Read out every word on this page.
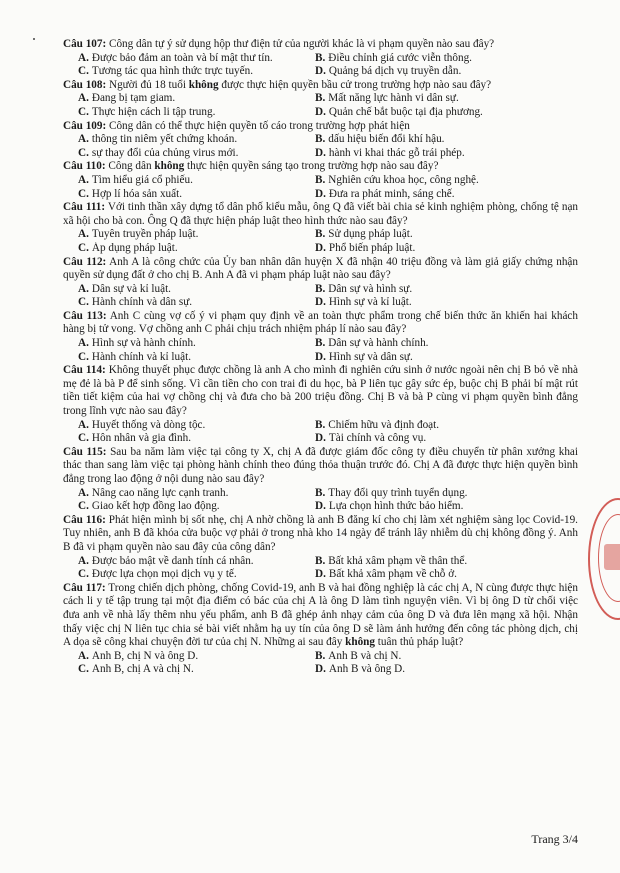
Câu 107: Công dân tự ý sử dụng hộp thư điện tử của người khác là vi phạm quyền nào sau đây?

A. Được bảo đảm an toàn và bí mật thư tín.	B. Điều chỉnh giá cước viễn thông.
C. Tương tác qua hình thức trực tuyến.	D. Quảng bá dịch vụ truyền dẫn.

Câu 108: Người đủ 18 tuổi không được thực hiện quyền bầu cử trong trường hợp nào sau đây?

A. Đang bị tạm giam.	B. Mất năng lực hành vi dân sự.
C. Thực hiện cách li tập trung.	D. Quản chế bắt buộc tại địa phương.

Câu 109: Công dân có thể thực hiện quyền tố cáo trong trường hợp phát hiện

A. thông tin niêm yết chứng khoán.	B. dấu hiệu biến đổi khí hậu.
C. sự thay đổi của chủng virus mới.	D. hành vi khai thác gỗ trái phép.

Câu 110: Công dân không thực hiện quyền sáng tạo trong trường hợp nào sau đây?

A. Tìm hiểu giá cổ phiếu.	B. Nghiên cứu khoa học, công nghệ.
C. Hợp lí hóa sản xuất.	D. Đưa ra phát minh, sáng chế.

Câu 111: Với tinh thần xây dựng tổ dân phố kiểu mẫu, ông Q đã viết bài chia sẻ kinh nghiệm phòng, chống tệ nạn xã hội cho bà con. Ông Q đã thực hiện pháp luật theo hình thức nào sau đây?

A. Tuyên truyền pháp luật.	B. Sử dụng pháp luật.
C. Áp dụng pháp luật.	D. Phổ biến pháp luật.

Câu 112: Anh A là công chức của Ủy ban nhân dân huyện X đã nhận 40 triệu đồng và làm giả giấy chứng nhận quyền sử dụng đất ở cho chị B. Anh A đã vi phạm pháp luật nào sau đây?

A. Dân sự và kỉ luật.	B. Dân sự và hình sự.
C. Hành chính và dân sự.	D. Hình sự và kỉ luật.

Câu 113: Anh C cùng vợ cố ý vi phạm quy định về an toàn thực phẩm trong chế biến thức ăn khiến hai khách hàng bị tử vong. Vợ chồng anh C phải chịu trách nhiệm pháp lí nào sau đây?

A. Hình sự và hành chính.	B. Dân sự và hành chính.
C. Hành chính và kỉ luật.	D. Hình sự và dân sự.

Câu 114: Không thuyết phục được chồng là anh A cho mình đi nghiên cứu sinh ở nước ngoài nên chị B bỏ về nhà mẹ đẻ là bà P để sinh sống. Vì cần tiền cho con trai đi du học, bà P liên tục gây sức ép, buộc chị B phải bí mật rút tiền tiết kiệm của hai vợ chồng chị và đưa cho bà 200 triệu đồng. Chị B và bà P cùng vi phạm quyền bình đẳng trong lĩnh vực nào sau đây?

A. Huyết thống và dòng tộc.	B. Chiếm hữu và định đoạt.
C. Hôn nhân và gia đình.	D. Tài chính và công vụ.

Câu 115: Sau ba năm làm việc tại công ty X, chị A đã được giám đốc công ty điều chuyển từ phân xưởng khai thác than sang làm việc tại phòng hành chính theo đúng thỏa thuận trước đó. Chị A đã được thực hiện quyền bình đẳng trong lao động ở nội dung nào sau đây?

A. Nâng cao năng lực cạnh tranh.	B. Thay đổi quy trình tuyển dụng.
C. Giao kết hợp đồng lao động.	D. Lựa chọn hình thức bảo hiểm.

Câu 116: Phát hiện mình bị sốt nhẹ, chị A nhờ chồng là anh B đăng kí cho chị làm xét nghiệm sàng lọc Covid-19. Tuy nhiên, anh B đã khóa cửa buộc vợ phải ở trong nhà kho 14 ngày để tránh lây nhiễm dù chị không đồng ý. Anh B đã vi phạm quyền nào sau đây của công dân?

A. Được bảo mật về danh tính cá nhân.	B. Bất khả xâm phạm về thân thể.
C. Được lựa chọn mọi dịch vụ y tế.	D. Bất khả xâm phạm về chỗ ở.

Câu 117: Trong chiến dịch phòng, chống Covid-19, anh B và hai đồng nghiệp là các chị A, N cùng được thực hiện cách li y tế tập trung tại một địa điểm có bác của chị A là ông D làm tình nguyện viên. Vì bị ông D từ chối việc đưa anh về nhà lấy thêm nhu yếu phẩm, anh B đã ghép ảnh nhạy cảm của ông D và đưa lên mạng xã hội. Nhận thấy việc chị N liên tục chia sẻ bài viết nhằm hạ uy tín của ông D sẽ làm ảnh hưởng đến công tác phòng dịch, chị A dọa sẽ công khai chuyện đời tư của chị N. Những ai sau đây không tuân thủ pháp luật?

A. Anh B, chị N và ông D.	B. Anh B và chị N.
C. Anh B, chị A và chị N.	D. Anh B và ông D.
Trang 3/4
